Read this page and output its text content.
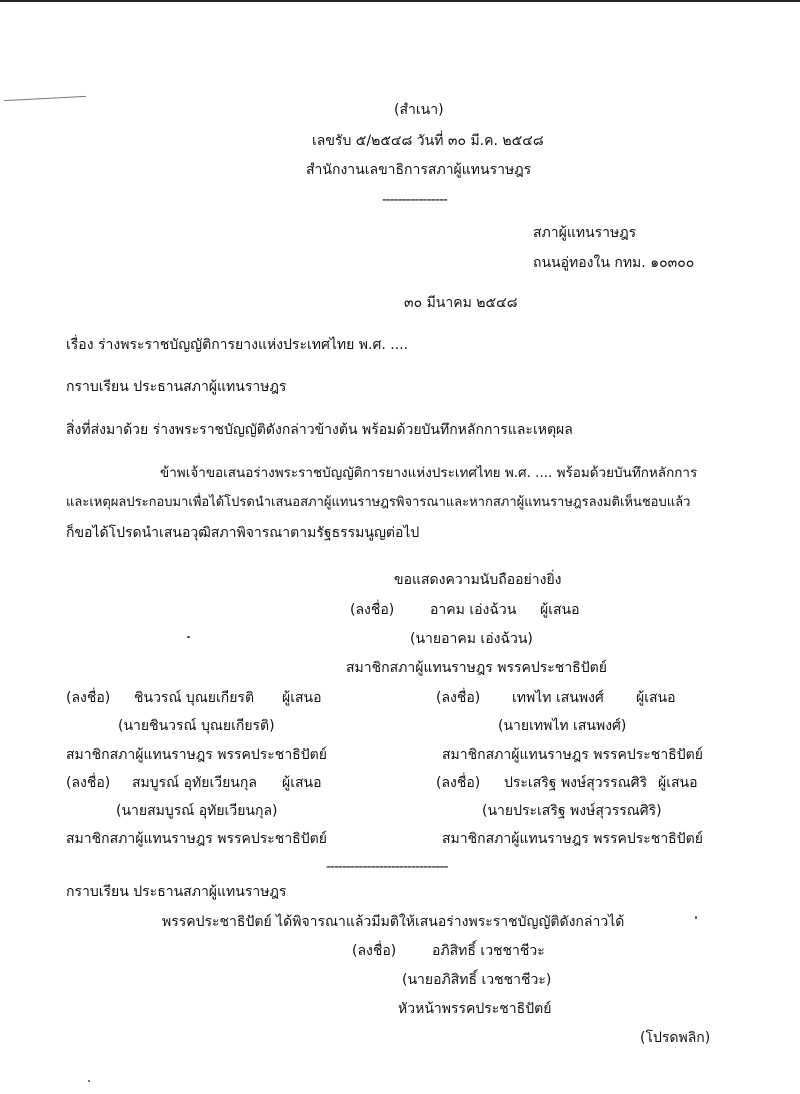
(สำเนา)
เลขรับ ๕/๒๕๔๘ วันที่ ๓๐ มี.ค. ๒๕๔๘
สำนักงานเลขาธิการสภาผู้แทนราษฎร
----------------
สภาผู้แทนราษฎร
ถนนอู่ทองใน กทม. ๑๐๓๐๐
๓๐ มีนาคม ๒๕๔๘
เรื่อง ร่างพระราชบัญญัติการยางแห่งประเทศไทย พ.ศ. ....
กราบเรียน ประธานสภาผู้แทนราษฎร
สิ่งที่ส่งมาด้วย ร่างพระราชบัญญัติดังกล่าวข้างต้น พร้อมด้วยบันทึกหลักการและเหตุผล
ข้าพเจ้าขอเสนอร่างพระราชบัญญัติการยางแห่งประเทศไทย พ.ศ. .... พร้อมด้วยบันทึกหลักการ
และเหตุผลประกอบมาเพื่อได้โปรดนำเสนอสภาผู้แทนราษฎรพิจารณาและหากสภาผู้แทนราษฎรลงมติเห็นชอบแล้ว
ก็ขอได้โปรดนำเสนอวุฒิสภาพิจารณาตามรัฐธรรมนูญต่อไป
ขอแสดงความนับถืออย่างยิ่ง
(ลงชื่อ)	อาคม เอ่งฉ้วน ผู้เสนอ
(นายอาคม เอ่งฉ้วน)
สมาชิกสภาผู้แทนราษฎร พรรคประชาธิปัตย์
(ลงชื่อ) ชินวรณ์ บุณยเกียรติ ผู้เสนอ
(นายชินวรณ์ บุณยเกียรติ)
สมาชิกสภาผู้แทนราษฎร พรรคประชาธิปัตย์
(ลงชื่อ) เทพไท เสนพงศ์ ผู้เสนอ
(นายเทพไท เสนพงศ์)
สมาชิกสภาผู้แทนราษฎร พรรคประชาธิปัตย์
(ลงชื่อ) สมบูรณ์ อุทัยเวียนกุล ผู้เสนอ
(นายสมบูรณ์ อุทัยเวียนกุล)
สมาชิกสภาผู้แทนราษฎร พรรคประชาธิปัตย์
(ลงชื่อ) ประเสริฐ พงษ์สุวรรณศิริ ผู้เสนอ
(นายประเสริฐ พงษ์สุวรรณศิริ)
สมาชิกสภาผู้แทนราษฎร พรรคประชาธิปัตย์
------------------------------
กราบเรียน ประธานสภาผู้แทนราษฎร
พรรคประชาธิปัตย์ ได้พิจารณาแล้วมีมติให้เสนอร่างพระราชบัญญัติดังกล่าวได้
(ลงชื่อ)	อภิสิทธิ์ เวชชาชีวะ
(นายอภิสิทธิ์ เวชชาชีวะ)
หัวหน้าพรรคประชาธิปัตย์
(โปรดพลิก)
